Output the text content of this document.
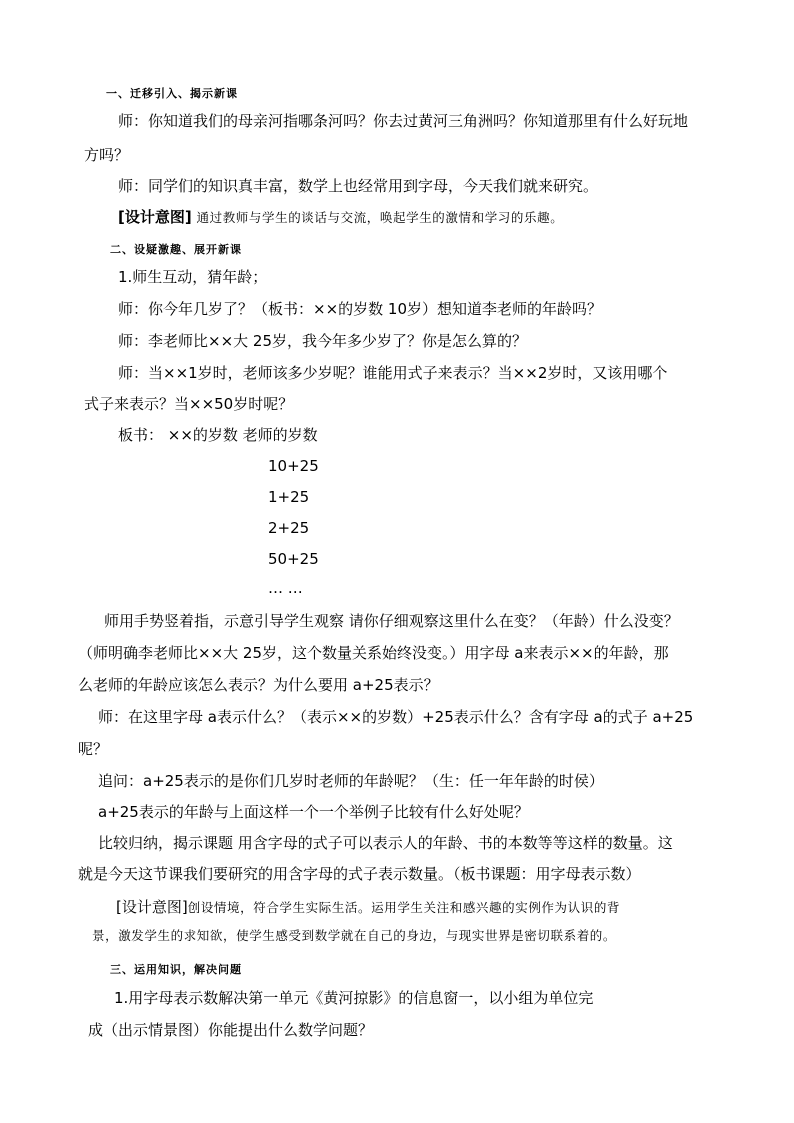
一、迁移引入、揭示新课
师：你知道我们的母亲河指哪条河吗？你去过黄河三角洲吗？你知道那里有什么好玩地
方吗？
师：同学们的知识真丰富，数学上也经常用到字母，今天我们就来研究。
[设计意图] 通过教师与学生的谈话与交流，唤起学生的激情和学习的乐趣。
二、设疑激趣、展开新课
1.师生互动，猜年龄；
师：你今年几岁了？（板书：××的岁数 10岁）想知道李老师的年龄吗？
师：李老师比××大 25岁，我今年多少岁了？你是怎么算的？
师：当××1岁时，老师该多少岁呢？谁能用式子来表示？当××2岁时，又该用哪个
式子来表示？当××50岁时呢？
板书： ××的岁数 老师的岁数
10+25
1+25
2+25
50+25
… …
师用手势竖着指，示意引导学生观察 请你仔细观察这里什么在变？（年龄）什么没变？
（师明确李老师比××大 25岁，这个数量关系始终没变。）用字母 a来表示××的年龄，那
么老师的年龄应该怎么表示？为什么要用 a+25表示？
师：在这里字母 a表示什么？（表示××的岁数）+25表示什么？含有字母 a的式子 a+25
呢？
追问：a+25表示的是你们几岁时老师的年龄呢？（生：任一年年龄的时侯）
a+25表示的年龄与上面这样一个一个举例子比较有什么好处呢？
比较归纳，揭示课题 用含字母的式子可以表示人的年龄、书的本数等等这样的数量。这
就是今天这节课我们要研究的用含字母的式子表示数量。（板书课题：用字母表示数）
[设计意图]创设情境，符合学生实际生活。运用学生关注和感兴趣的实例作为认识的背
景，激发学生的求知欲，使学生感受到数学就在自己的身边，与现实世界是密切联系着的。
三、运用知识，解决问题
1.用字母表示数解决第一单元《黄河掠影》的信息窗一，以小组为单位完
成（出示情景图）你能提出什么数学问题？
